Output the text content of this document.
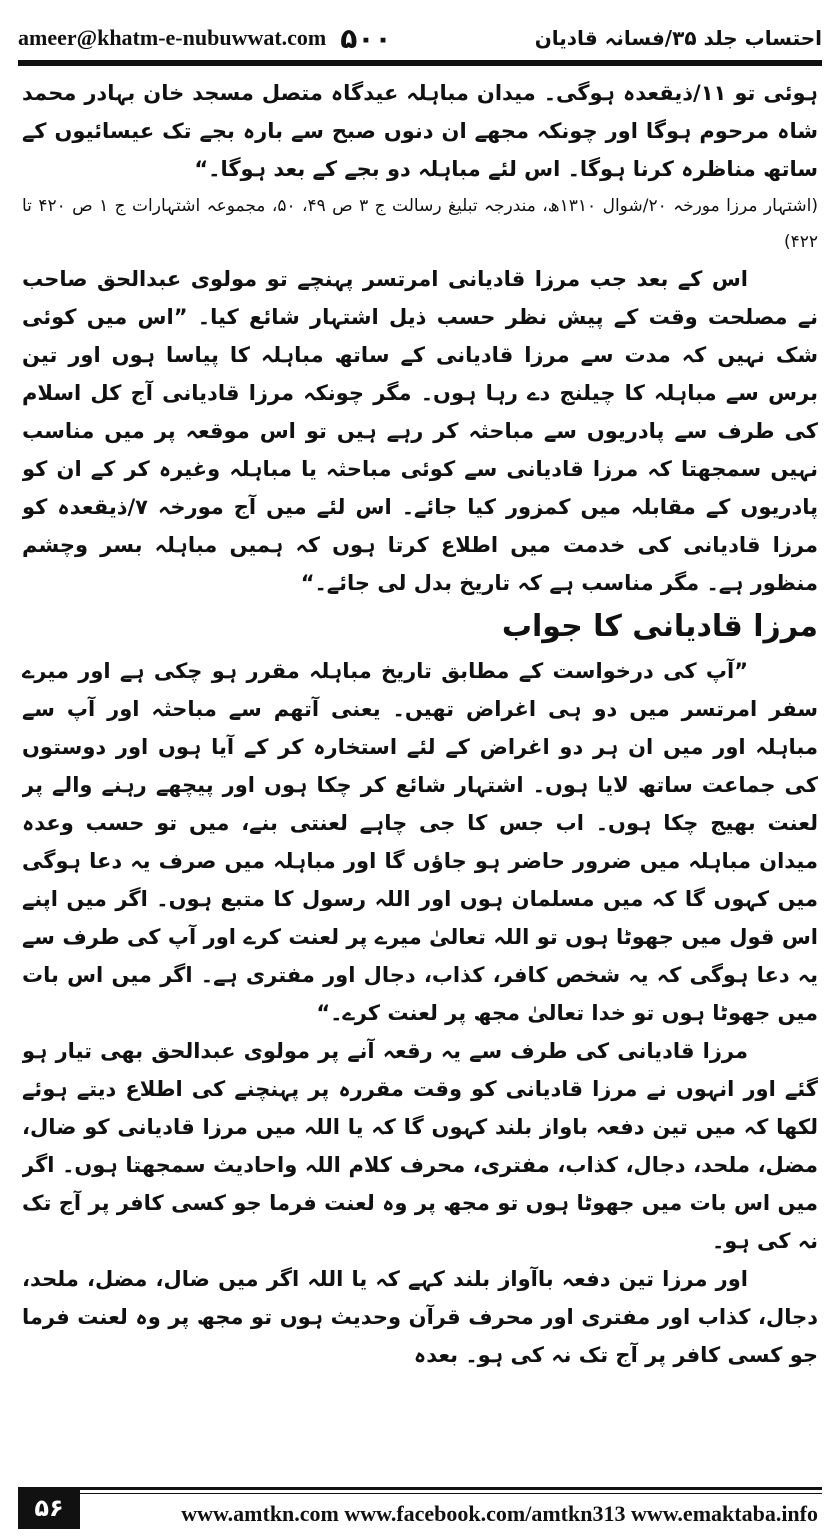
ameer@khatm-e-nubuwwat.com ۵۰۰	احتساب جلد ۳۵/فسانہ قادیان

ہوئی تو ۱۱/ذیقعدہ ہوگی۔ میدان مباہلہ عیدگاہ متصل مسجد خان بہادر محمد شاہ مرحوم ہوگا اور چونکہ مجھے ان دنوں صبح سے بارہ بجے تک عیسائیوں کے ساتھ مناظرہ کرنا ہوگا۔ اس لئے مباہلہ دو بجے کے بعد ہوگا۔“

(اشتہار مرزا مورخہ ۲۰/شوال ۱۳۱۰ھ، مندرجہ تبلیغ رسالت ج ۳ ص ۴۹، ۵۰، مجموعہ اشتہارات ج ۱ ص ۴۲۰ تا ۴۲۲)

اس کے بعد جب مرزا قادیانی امرتسر پہنچے تو مولوی عبدالحق صاحب نے مصلحت وقت کے پیش نظر حسب ذیل اشتہار شائع کیا۔ ”اس میں کوئی شک نہیں کہ مدت سے مرزا قادیانی کے ساتھ مباہلہ کا پیاسا ہوں اور تین برس سے مباہلہ کا چیلنج دے رہا ہوں۔ مگر چونکہ مرزا قادیانی آج کل اسلام کی طرف سے پادریوں سے مباحثہ کر رہے ہیں تو اس موقعہ پر میں مناسب نہیں سمجھتا کہ مرزا قادیانی سے کوئی مباحثہ یا مباہلہ وغیرہ کر کے ان کو پادریوں کے مقابلہ میں کمزور کیا جائے۔ اس لئے میں آج مورخہ ۷/ذیقعدہ کو مرزا قادیانی کی خدمت میں اطلاع کرتا ہوں کہ ہمیں مباہلہ بسر وچشم منظور ہے۔ مگر مناسب ہے کہ تاریخ بدل لی جائے۔“

مرزا قادیانی کا جواب

”آپ کی درخواست کے مطابق تاریخ مباہلہ مقرر ہو چکی ہے اور میرے سفر امرتسر میں دو ہی اغراض تھیں۔ یعنی آتھم سے مباحثہ اور آپ سے مباہلہ اور میں ان ہر دو اغراض کے لئے استخارہ کر کے آیا ہوں اور دوستوں کی جماعت ساتھ لایا ہوں۔ اشتہار شائع کر چکا ہوں اور پیچھے رہنے والے پر لعنت بھیج چکا ہوں۔ اب جس کا جی چاہے لعنتی بنے، میں تو حسب وعدہ میدان مباہلہ میں ضرور حاضر ہو جاؤں گا اور مباہلہ میں صرف یہ دعا ہوگی میں کہوں گا کہ میں مسلمان ہوں اور اللہ رسول کا متبع ہوں۔ اگر میں اپنے اس قول میں جھوٹا ہوں تو اللہ تعالیٰ میرے پر لعنت کرے اور آپ کی طرف سے یہ دعا ہوگی کہ یہ شخص کافر، کذاب، دجال اور مفتری ہے۔ اگر میں اس بات میں جھوٹا ہوں تو خدا تعالیٰ مجھ پر لعنت کرے۔“

مرزا قادیانی کی طرف سے یہ رقعہ آنے پر مولوی عبدالحق بھی تیار ہو گئے اور انہوں نے مرزا قادیانی کو وقت مقررہ پر پہنچنے کی اطلاع دیتے ہوئے لکھا کہ میں تین دفعہ باواز بلند کہوں گا کہ یا اللہ میں مرزا قادیانی کو ضال، مضل، ملحد، دجال، کذاب، مفتری، محرف کلام اللہ واحادیث سمجھتا ہوں۔ اگر میں اس بات میں جھوٹا ہوں تو مجھ پر وہ لعنت فرما جو کسی کافر پر آج تک نہ کی ہو۔

اور مرزا تین دفعہ باآواز بلند کہے کہ یا اللہ اگر میں ضال، مضل، ملحد، دجال، کذاب اور مفتری اور محرف قرآن وحدیث ہوں تو مجھ پر وہ لعنت فرما جو کسی کافر پر آج تک نہ کی ہو۔ بعدہ

۵۶	www.amtkn.com www.facebook.com/amtkn313 www.emaktaba.info
